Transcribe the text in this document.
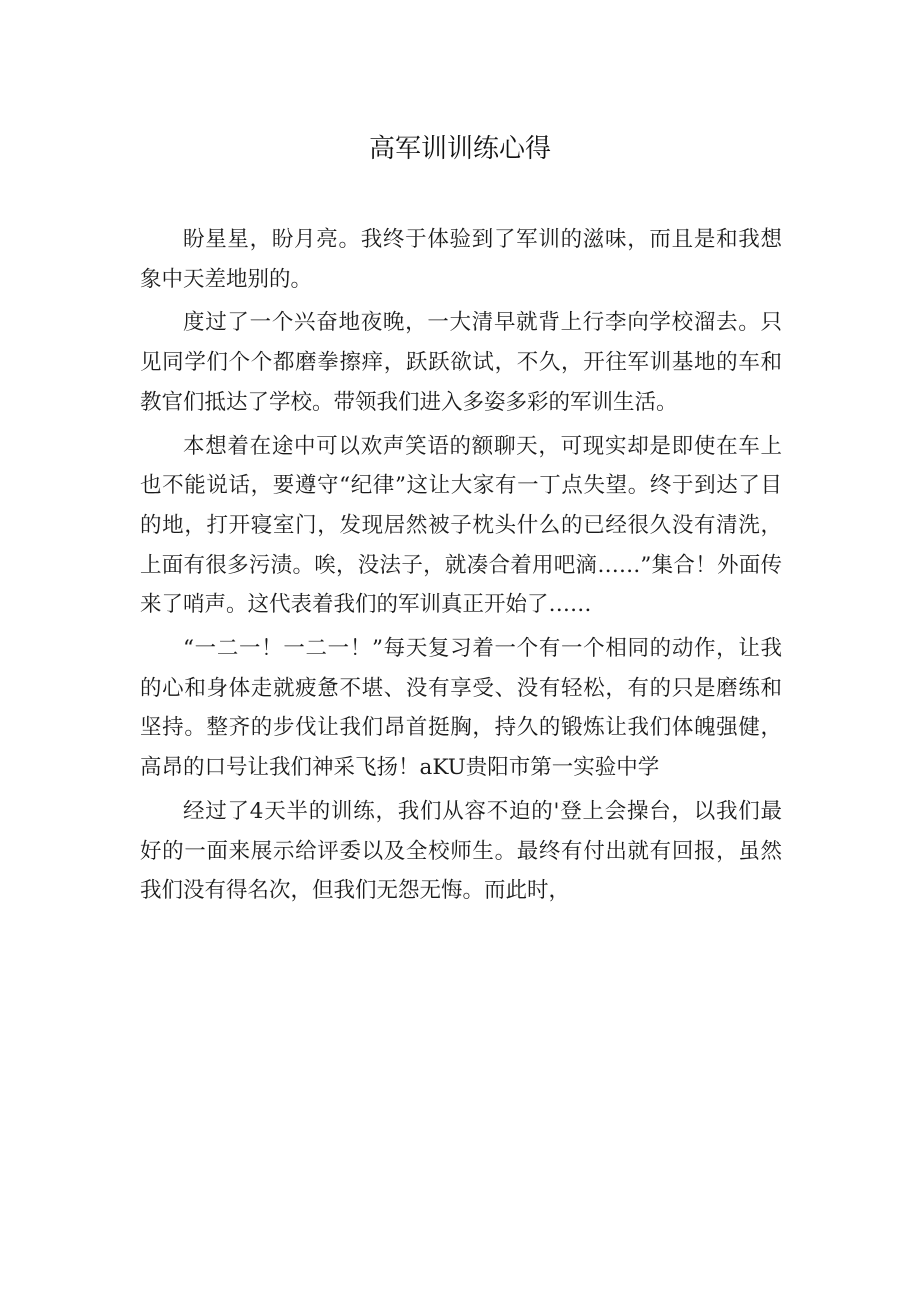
高军训训练心得

盼星星，盼月亮。我终于体验到了军训的滋味，而且是和我想象中天差地别的。

度过了一个兴奋地夜晚，一大清早就背上行李向学校溜去。只见同学们个个都磨拳擦痒，跃跃欲试，不久，开往军训基地的车和教官们抵达了学校。带领我们进入多姿多彩的军训生活。

本想着在途中可以欢声笑语的额聊天，可现实却是即使在车上也不能说话，要遵守“纪律”这让大家有一丁点失望。终于到达了目的地，打开寝室门，发现居然被子枕头什么的已经很久没有清洗，上面有很多污渍。唉，没法子，就凑合着用吧滴……”集合！外面传来了哨声。这代表着我们的军训真正开始了……

“一二一！一二一！”每天复习着一个有一个相同的动作，让我的心和身体走就疲惫不堪、没有享受、没有轻松，有的只是磨练和坚持。整齐的步伐让我们昂首挺胸，持久的锻炼让我们体魄强健，高昂的口号让我们神采飞扬！aKU贵阳市第一实验中学

经过了4天半的训练，我们从容不迫的'登上会操台，以我们最好的一面来展示给评委以及全校师生。最终有付出就有回报，虽然我们没有得名次，但我们无怨无悔。而此时，
